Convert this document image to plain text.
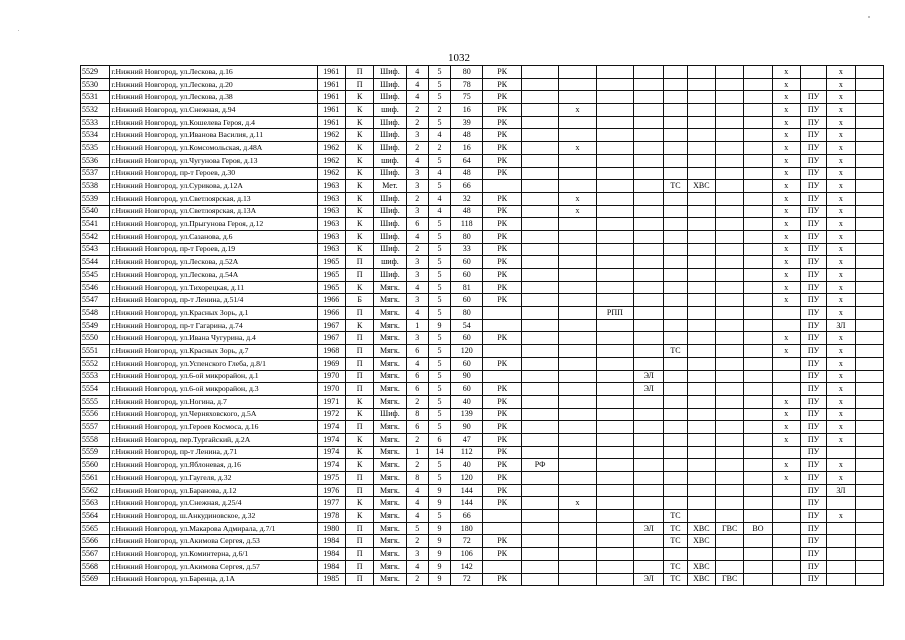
1032
5529	г.Нижний Новгород, ул.Лескова, д.16	1961	П	Шиф.	4	5	80	РК									х		х	
5530	г.Нижний Новгород, ул.Лескова, д.20	1961	П	Шиф.	4	5	78	РК									х		х	
5531	г.Нижний Новгород, ул.Лескова, д.38	1961	К	Шиф.	4	5	75	РК									х	ПУ	х	
5532	г.Нижний Новгород, ул.Снежная, д.94	1961	К	шиф.	2	2	16	РК		х							х	ПУ	х	
5533	г.Нижний Новгород, ул.Кошелева Героя, д.4	1961	К	Шиф.	2	5	39	РК									х	ПУ	х	
5534	г.Нижний Новгород, ул.Иванова Василия, д.11	1962	К	Шиф.	3	4	48	РК									х	ПУ	х	
5535	г.Нижний Новгород, ул.Комсомольская, д.48А	1962	К	Шиф.	2	2	16	РК		х							х	ПУ	х	
5536	г.Нижний Новгород, ул.Чугунова Героя, д.13	1962	К	шиф.	4	5	64	РК									х	ПУ	х	
5537	г.Нижний Новгород, пр-т Героев, д.30	1962	К	Шиф.	3	4	48	РК									х	ПУ	х	
5538	г.Нижний Новгород, ул.Сурикова, д.12А	1963	К	Мет.	3	5	66						ТС	ХВС			х	ПУ	х	
5539	г.Нижний Новгород, ул.Светлоярская, д.13	1963	К	Шиф.	2	4	32	РК		х							х	ПУ	х	
5540	г.Нижний Новгород, ул.Светлоярская, д.13А	1963	К	Шиф.	3	4	48	РК		х							х	ПУ	х	
5541	г.Нижний Новгород, ул.Прыгунова Героя, д.12	1963	К	Шиф.	6	5	118	РК									х	ПУ	х	
5542	г.Нижний Новгород, ул.Сазанова, д.6	1963	К	Шиф.	4	5	80	РК									х	ПУ	х	
5543	г.Нижний Новгород, пр-т Героев, д.19	1963	К	Шиф.	2	5	33	РК									х	ПУ	х	
5544	г.Нижний Новгород, ул.Лескова, д.52А	1965	П	шиф.	3	5	60	РК									х	ПУ	х	
5545	г.Нижний Новгород, ул.Лескова, д.54А	1965	П	Шиф.	3	5	60	РК									х	ПУ	х	
5546	г.Нижний Новгород, ул.Тихорецкая, д.11	1965	К	Мягк.	4	5	81	РК									х	ПУ	х	
5547	г.Нижний Новгород, пр-т Ленина, д.51/4	1966	Б	Мягк.	3	5	60	РК									х	ПУ	х	
5548	г.Нижний Новгород, ул.Красных Зорь, д.1	1966	П	Мягк.	4	5	80				РПП							ПУ	х	
5549	г.Нижний Новгород, пр-т Гагарина, д.74	1967	К	Мягк.	1	9	54											ПУ	ЗЛ	
5550	г.Нижний Новгород, ул.Ивана Чугурина, д.4	1967	П	Мягк.	3	5	60	РК									х	ПУ	х	
5551	г.Нижний Новгород, ул.Красных Зорь, д.7	1968	П	Мягк.	6	5	120						ТС				х	ПУ	х	
5552	г.Нижний Новгород, ул.Успенского Глеба, д.8/1	1969	П	Мягк.	4	5	60	РК										ПУ	х	
5553	г.Нижний Новгород, ул.6-ой микрорайон, д.1	1970	П	Мягк.	6	5	90					ЭЛ						ПУ	х	
5554	г.Нижний Новгород, ул.6-ой микрорайон, д.3	1970	П	Мягк.	6	5	60	РК				ЭЛ						ПУ	х	
5555	г.Нижний Новгород, ул.Ногина, д.7	1971	К	Мягк.	2	5	40	РК									х	ПУ	х	
5556	г.Нижний Новгород, ул.Черняховского, д.5А	1972	К	Шиф.	8	5	139	РК									х	ПУ	х	
5557	г.Нижний Новгород, ул.Героев Космоса, д.16	1974	П	Мягк.	6	5	90	РК									х	ПУ	х	
5558	г.Нижний Новгород, пер.Тургайский, д.2А	1974	К	Мягк.	2	6	47	РК									х	ПУ	х	
5559	г.Нижний Новгород, пр-т Ленина, д.71	1974	К	Мягк.	1	14	112	РК										ПУ		
5560	г.Нижний Новгород, ул.Яблоневая, д.16	1974	К	Мягк.	2	5	40	РК	РФ								х	ПУ	х	
5561	г.Нижний Новгород, ул.Гаугеля, д.32	1975	П	Мягк.	8	5	120	РК									х	ПУ	х	
5562	г.Нижний Новгород, ул.Баранова, д.12	1976	П	Мягк.	4	9	144	РК										ПУ	ЗЛ	
5563	г.Нижний Новгород, ул.Снежная, д.25/4	1977	К	Мягк.	4	9	144	РК		х								ПУ		
5564	г.Нижний Новгород, ш.Анкудиновское, д.32	1978	К	Мягк.	4	5	66						ТС					ПУ	х	
5565	г.Нижний Новгород, ул.Макарова Адмирала, д.7/1	1980	П	Мягк.	5	9	180					ЭЛ	ТС	ХВС	ГВС	ВО		ПУ		
5566	г.Нижний Новгород, ул.Акимова Сергея, д.53	1984	П	Мягк.	2	9	72	РК					ТС	ХВС				ПУ		
5567	г.Нижний Новгород, ул.Коминтерна, д.6/1	1984	П	Мягк.	3	9	106	РК										ПУ		
5568	г.Нижний Новгород, ул.Акимова Сергея, д.57	1984	П	Мягк.	4	9	142						ТС	ХВС				ПУ		
5569	г.Нижний Новгород, ул.Баренца, д.1А	1985	П	Мягк.	2	9	72	РК				ЭЛ	ТС	ХВС	ГВС			ПУ		
